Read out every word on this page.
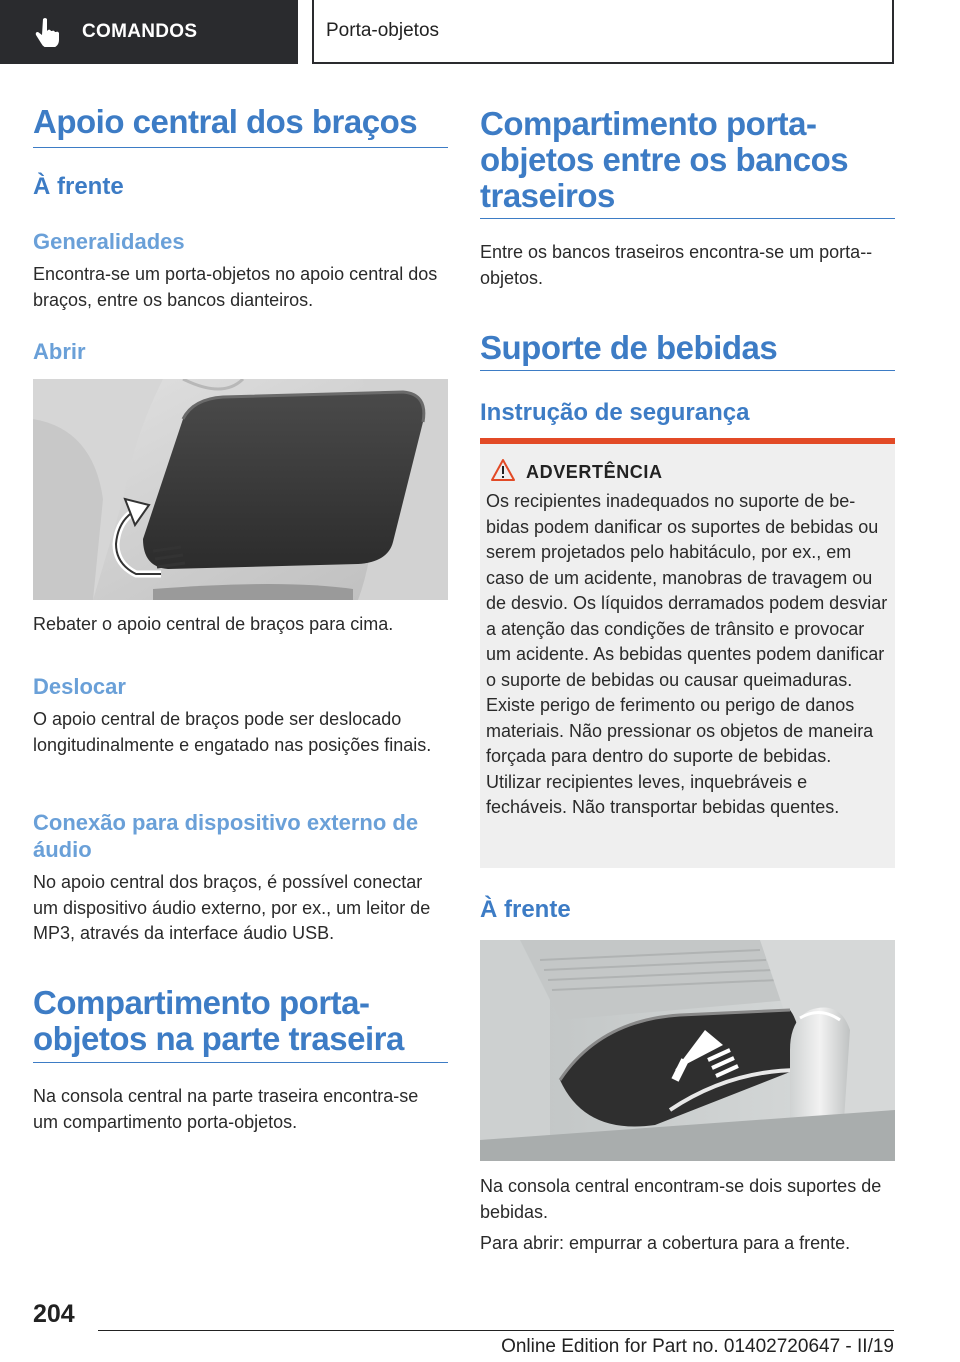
COMANDOS	Porta-objetos
Apoio central dos braços
À frente
Generalidades
Encontra-se um porta-objetos no apoio central dos braços, entre os bancos dianteiros.
Abrir
Rebater o apoio central de braços para cima.
Deslocar
O apoio central de braços pode ser deslocado longitudinalmente e engatado nas posições finais.
Conexão para dispositivo externo de áudio
No apoio central dos braços, é possível conectar um dispositivo áudio externo, por ex., um leitor de MP3, através da interface áudio USB.
Compartimento porta-objetos na parte traseira
Na consola central na parte traseira encontra-se um compartimento porta-objetos.
Compartimento porta-objetos entre os bancos traseiros
Entre os bancos traseiros encontra-se um porta--objetos.
Suporte de bebidas
Instrução de segurança
ADVERTÊNCIA
Os recipientes inadequados no suporte de bebidas podem danificar os suportes de bebidas ou serem projetados pelo habitáculo, por ex., em caso de um acidente, manobras de travagem ou de desvio. Os líquidos derramados podem desviar a atenção das condições de trânsito e provocar um acidente. As bebidas quentes podem danificar o suporte de bebidas ou causar queimaduras. Existe perigo de ferimento ou perigo de danos materiais. Não pressionar os objetos de maneira forçada para dentro do suporte de bebidas. Utilizar recipientes leves, inquebráveis e fecháveis. Não transportar bebidas quentes.
À frente
Na consola central encontram-se dois suportes de bebidas.
Para abrir: empurrar a cobertura para a frente.
204
Online Edition for Part no. 01402720647 - II/19
